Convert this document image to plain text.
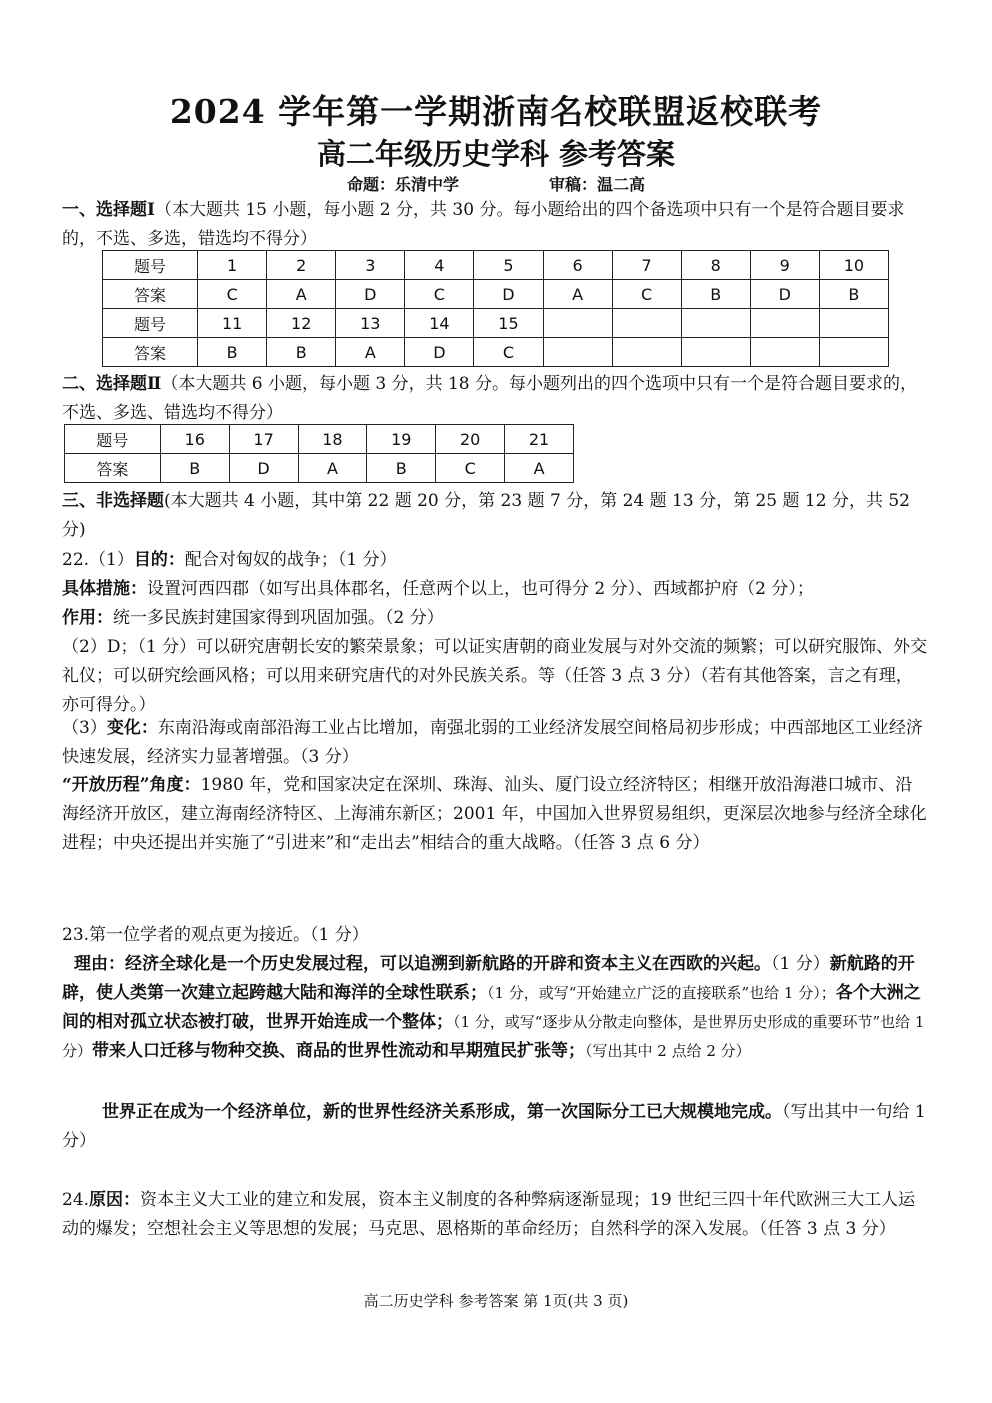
2024 学年第一学期浙南名校联盟返校联考
高二年级历史学科 参考答案
命题：乐清中学	审稿：温二高
一、选择题Ⅰ（本大题共 15 小题，每小题 2 分，共 30 分。每小题给出的四个备选项中只有一个是符合题目要求的，不选、多选，错选均不得分）
题号	1	2	3	4	5	6	7	8	9	10
答案	C	A	D	C	D	A	C	B	D	B
题号	11	12	13	14	15					
答案	B	B	A	D	C					
二、选择题Ⅱ（本大题共 6 小题，每小题 3 分，共 18 分。每小题列出的四个选项中只有一个是符合题目要求的，不选、多选、错选均不得分）
题号	16	17	18	19	20	21
答案	B	D	A	B	C	A
三、非选择题(本大题共 4 小题，其中第 22 题 20 分，第 23 题 7 分，第 24 题 13 分，第 25 题 12 分，共 52 分)
22.（1）目的：配合对匈奴的战争；（1 分）
具体措施：设置河西四郡（如写出具体郡名，任意两个以上，也可得分 2 分）、西域都护府（2 分）；
作用：统一多民族封建国家得到巩固加强。（2 分）
（2）D；（1 分）可以研究唐朝长安的繁荣景象；可以证实唐朝的商业发展与对外交流的频繁；可以研究服饰、外交礼仪；可以研究绘画风格；可以用来研究唐代的对外民族关系。等（任答 3 点 3 分）（若有其他答案，言之有理，亦可得分。）
（3）变化：东南沿海或南部沿海工业占比增加，南强北弱的工业经济发展空间格局初步形成；中西部地区工业经济快速发展，经济实力显著增强。（3 分）
“开放历程”角度：1980 年，党和国家决定在深圳、珠海、汕头、厦门设立经济特区；相继开放沿海港口城市、沿海经济开放区，建立海南经济特区、上海浦东新区；2001 年，中国加入世界贸易组织，更深层次地参与经济全球化进程；中央还提出并实施了“引进来”和“走出去”相结合的重大战略。（任答 3 点 6 分）
23.第一位学者的观点更为接近。（1 分）
理由：经济全球化是一个历史发展过程，可以追溯到新航路的开辟和资本主义在西欧的兴起。（1 分）新航路的开辟，使人类第一次建立起跨越大陆和海洋的全球性联系；（1 分，或写“开始建立广泛的直接联系”也给 1 分）；各个大洲之间的相对孤立状态被打破，世界开始连成一个整体；（1 分，或写“逐步从分散走向整体，是世界历史形成的重要环节”也给 1 分）带来人口迁移与物种交换、商品的世界性流动和早期殖民扩张等；（写出其中 2 点给 2 分）
世界正在成为一个经济单位，新的世界性经济关系形成，第一次国际分工已大规模地完成。（写出其中一句给 1 分）
24.原因：资本主义大工业的建立和发展，资本主义制度的各种弊病逐渐显现；19 世纪三四十年代欧洲三大工人运动的爆发；空想社会主义等思想的发展；马克思、恩格斯的革命经历；自然科学的深入发展。（任答 3 点 3 分）
高二历史学科 参考答案 第 1页(共 3 页)
